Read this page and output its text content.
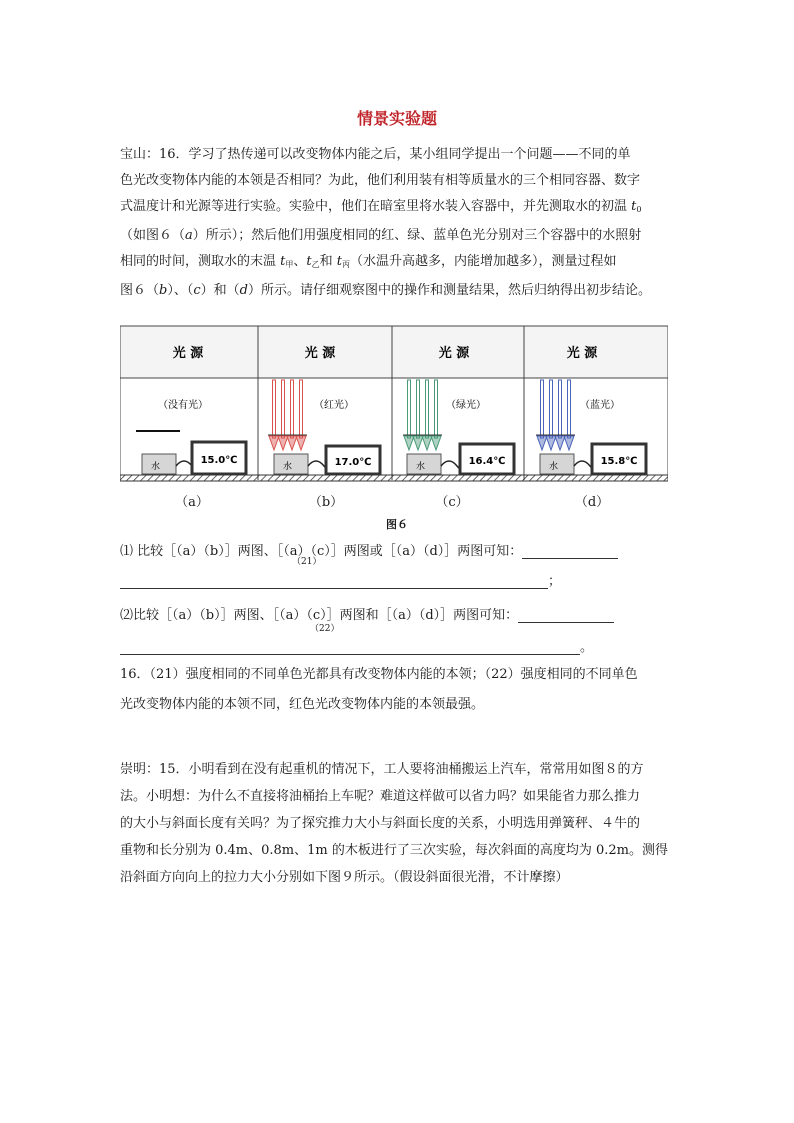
情景实验题

宝山：16．学习了热传递可以改变物体内能之后，某小组同学提出一个问题——不同的单

色光改变物体内能的本领是否相同？为此，他们利用装有相等质量水的三个相同容器、数字

式温度计和光源等进行实验。实验中，他们在暗室里将水装入容器中，并先测取水的初温 $t_0$

（如图６（a）所示）；然后他们用强度相同的红、绿、蓝单色光分别对三个容器中的水照射

相同的时间，测取水的末温 $t_甲$、$t_乙$和 $t_丙$（水温升高越多，内能增加越多），测量过程如

图６（b）、（c）和（d）所示。请仔细观察图中的操作和测量结果，然后归纳得出初步结论。

光 源	光 源	光 源	光 源
（没有光）	（红光）	（绿光）	（蓝光）
水
15.0℃
水	17.0℃	水	16.4℃	水	15.8℃
（a）	（b）	（c）	（d）
图６
⑴ 比较［（a）（b）］两图、［（a）（c）］两图或［（a）（d）］两图可知：
（21）
；
⑵比较［（a）（b）］两图、［（a）（c）］两图和［（a）（d）］两图可知：
（22）
。

16．（21）强度相同的不同单色光都具有改变物体内能的本领；（22）强度相同的不同单色

光改变物体内能的本领不同，红色光改变物体内能的本领最强。

崇明：15．小明看到在没有起重机的情况下，工人要将油桶搬运上汽车，常常用如图８的方

法。小明想：为什么不直接将油桶抬上车呢？难道这样做可以省力吗？如果能省力那么推力

的大小与斜面长度有关吗？为了探究推力大小与斜面长度的关系，小明选用弹簧秤、４牛的

重物和长分别为 0.4m、0.8m、1m 的木板进行了三次实验，每次斜面的高度均为 0.2m。测得

沿斜面方向向上的拉力大小分别如下图９所示。（假设斜面很光滑，不计摩擦）
